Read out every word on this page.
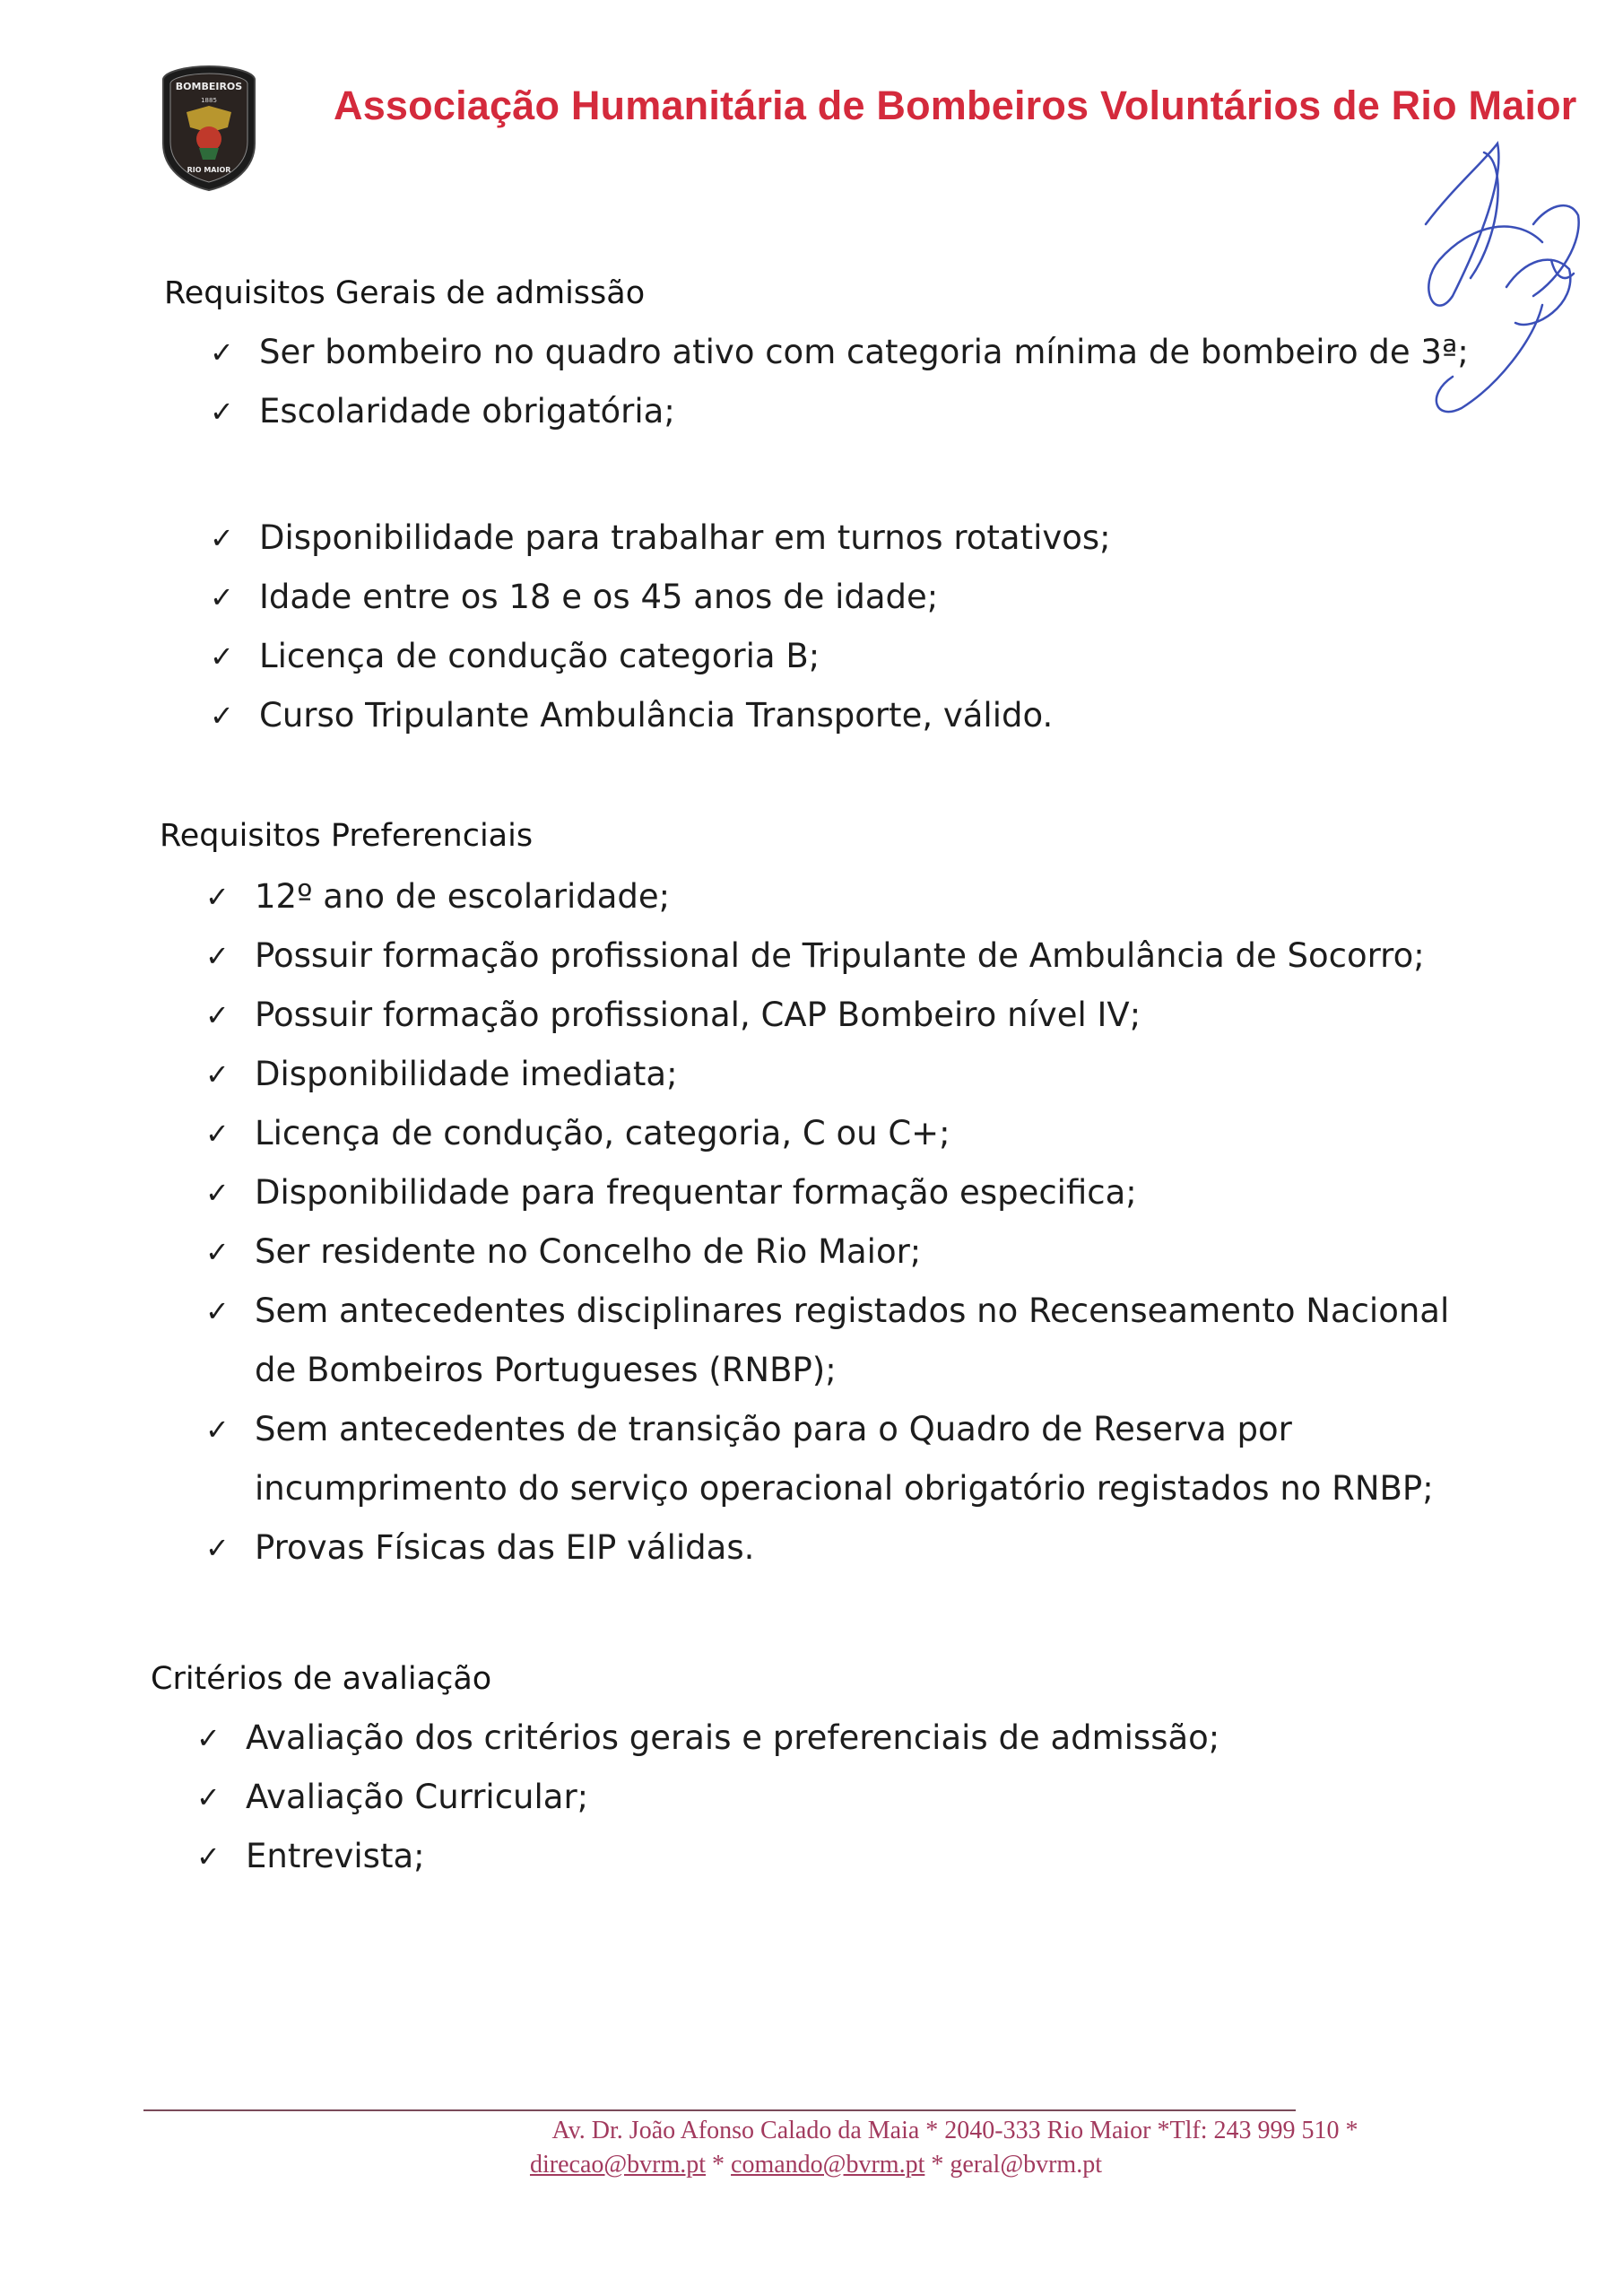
BOMBEIROS
1885
RIO MAIOR
Associação Humanitária de Bombeiros Voluntários de Rio Maior
Requisitos Gerais de admissão
✓ Ser bombeiro no quadro ativo com categoria mínima de bombeiro de 3ª;
✓ Escolaridade obrigatória;
✓ Disponibilidade para trabalhar em turnos rotativos;
✓ Idade entre os 18 e os 45 anos de idade;
✓ Licença de condução categoria B;
✓ Curso Tripulante Ambulância Transporte, válido.
Requisitos Preferenciais
✓ 12º ano de escolaridade;
✓ Possuir formação profissional de Tripulante de Ambulância de Socorro;
✓ Possuir formação profissional, CAP Bombeiro nível IV;
✓ Disponibilidade imediata;
✓ Licença de condução, categoria, C ou C+;
✓ Disponibilidade para frequentar formação especifica;
✓ Ser residente no Concelho de Rio Maior;
✓ Sem antecedentes disciplinares registados no Recenseamento Nacional de Bombeiros Portugueses (RNBP);
✓ Sem antecedentes de transição para o Quadro de Reserva por incumprimento do serviço operacional obrigatório registados no RNBP;
✓ Provas Físicas das EIP válidas.
Critérios de avaliação
✓ Avaliação dos critérios gerais e preferenciais de admissão;
✓ Avaliação Curricular;
✓ Entrevista;
Av. Dr. João Afonso Calado da Maia * 2040-333 Rio Maior *Tlf: 243 999 510 *
direcao@bvrm.pt * comando@bvrm.pt * geral@bvrm.pt
